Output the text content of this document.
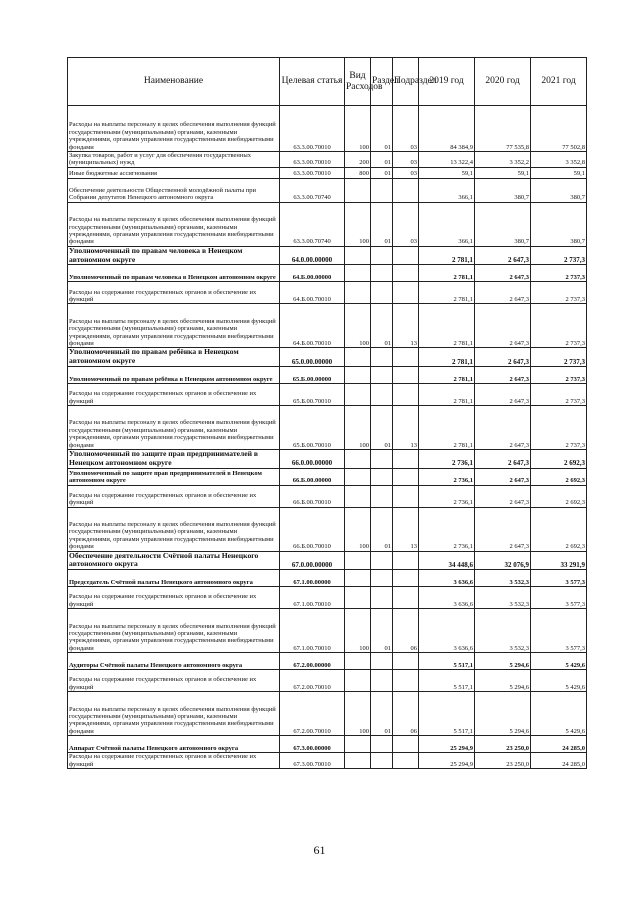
Наименование	Целевая статья	Вид Расходов	Раздел	Подраздел	2019 год	2020 год	2021 год
Расходы на выплаты персоналу в целях обеспечения выполнения функций государственными (муниципальными) органами, казенными учреждениями, органами управления государственными внебюджетными фондами	63.3.00.70010	100	01	03	84 384,9	77 535,8	77 502,8
Закупка товаров, работ и услуг для обеспечения государственных (муниципальных) нужд	63.3.00.70010	200	01	03	13 322,4	3 352,2	3 352,8
Иные бюджетные ассигнования	63.3.00.70010	800	01	03	59,1	59,1	59,1
Обеспечение деятельности Общественной молодёжной палаты при Собрании депутатов Ненецкого автономного округа	63.3.00.70740				366,1	380,7	380,7
Расходы на выплаты персоналу в целях обеспечения выполнения функций государственными (муниципальными) органами, казенными учреждениями, органами управления государственными внебюджетными фондами	63.3.00.70740	100	01	03	366,1	380,7	380,7
Уполномоченный по правам человека в Ненецком автономном округе	64.0.00.00000				2 781,1	2 647,3	2 737,3
Уполномоченный по правам человека в Ненецком автономном округе	64.Б.00.00000				2 781,1	2 647,3	2 737,3
Расходы на содержание государственных органов и обеспечение их функций	64.Б.00.70010				2 781,1	2 647,3	2 737,3
Расходы на выплаты персоналу в целях обеспечения выполнения функций государственными (муниципальными) органами, казенными учреждениями, органами управления государственными внебюджетными фондами	64.Б.00.70010	100	01	13	2 781,1	2 647,3	2 737,3
Уполномоченный по правам ребёнка в Ненецком автономном округе	65.0.00.00000				2 781,1	2 647,3	2 737,3
Уполномоченный по правам ребёнка в Ненецком автономном округе	65.Б.00.00000				2 781,1	2 647,3	2 737,3
Расходы на содержание государственных органов и обеспечение их функций	65.Б.00.70010				2 781,1	2 647,3	2 737,3
Расходы на выплаты персоналу в целях обеспечения выполнения функций государственными (муниципальными) органами, казенными учреждениями, органами управления государственными внебюджетными фондами	65.Б.00.70010	100	01	13	2 781,1	2 647,3	2 737,3
Уполномоченный по защите прав предпринимателей в Ненецком автономном округе	66.0.00.00000				2 736,1	2 647,3	2 692,3
Уполномоченный по защите прав предпринимателей в Ненецком автономном округе	66.Б.00.00000				2 736,1	2 647,3	2 692,3
Расходы на содержание государственных органов и обеспечение их функций	66.Б.00.70010				2 736,1	2 647,3	2 692,3
Расходы на выплаты персоналу в целях обеспечения выполнения функций государственными (муниципальными) органами, казенными учреждениями, органами управления государственными внебюджетными фондами	66.Б.00.70010	100	01	13	2 736,1	2 647,3	2 692,3
Обеспечение деятельности Счётной палаты Ненецкого автономного округа	67.0.00.00000				34 448,6	32 076,9	33 291,9
Председатель Счётной палаты Ненецкого автономного округа	67.1.00.00000				3 636,6	3 532,3	3 577,3
Расходы на содержание государственных органов и обеспечение их функций	67.1.00.70010				3 636,6	3 532,3	3 577,3
Расходы на выплаты персоналу в целях обеспечения выполнения функций государственными (муниципальными) органами, казенными учреждениями, органами управления государственными внебюджетными фондами	67.1.00.70010	100	01	06	3 636,6	3 532,3	3 577,3
Аудиторы Счётной палаты Ненецкого автономного округа	67.2.00.00000				5 517,1	5 294,6	5 429,6
Расходы на содержание государственных органов и обеспечение их функций	67.2.00.70010				5 517,1	5 294,6	5 429,6
Расходы на выплаты персоналу в целях обеспечения выполнения функций государственными (муниципальными) органами, казенными учреждениями, органами управления государственными внебюджетными фондами	67.2.00.70010	100	01	06	5 517,1	5 294,6	5 429,6
Аппарат Счётной палаты Ненецкого автономного округа	67.3.00.00000				25 294,9	23 250,0	24 285,0
Расходы на содержание государственных органов и обеспечение их функций	67.3.00.70010				25 294,9	23 250,0	24 285,0
61
